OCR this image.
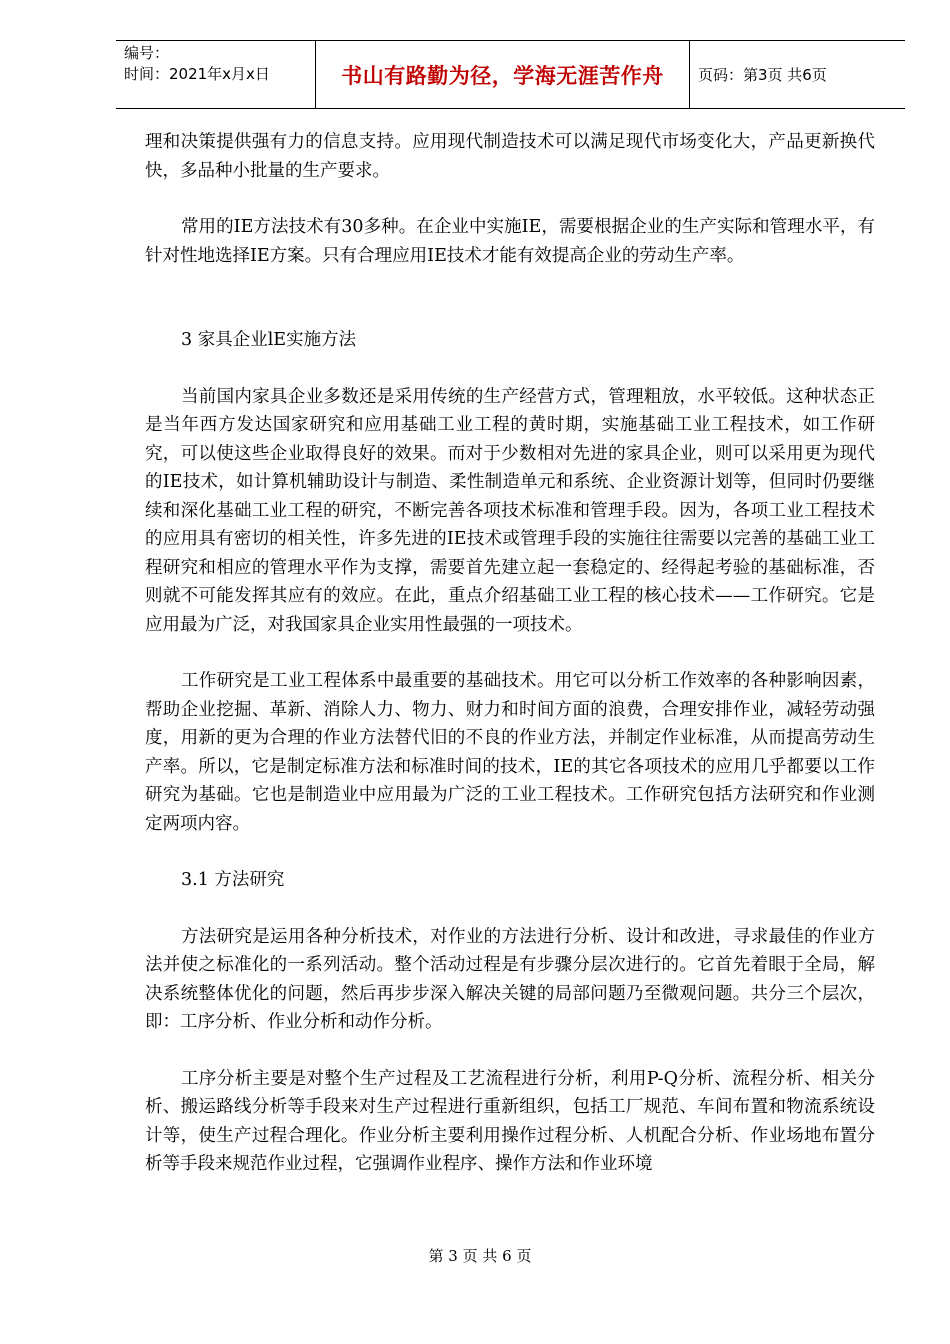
编号：
时间：2021年x月x日	书山有路勤为径，学海无涯苦作舟	页码：第3页 共6页

理和决策提供强有力的信息支持。应用现代制造技术可以满足现代市场变化大，产品更新换代快，多品种小批量的生产要求。

常用的IE方法技术有30多种。在企业中实施IE，需要根据企业的生产实际和管理水平，有针对性地选择IE方案。只有合理应用IE技术才能有效提高企业的劳动生产率。

3 家具企业lE实施方法

当前国内家具企业多数还是采用传统的生产经营方式，管理粗放，水平较低。这种状态正是当年西方发达国家研究和应用基础工业工程的黄时期，实施基础工业工程技术，如工作研究，可以使这些企业取得良好的效果。而对于少数相对先进的家具企业，则可以采用更为现代的IE技术，如计算机辅助设计与制造、柔性制造单元和系统、企业资源计划等，但同时仍要继续和深化基础工业工程的研究，不断完善各项技术标准和管理手段。因为，各项工业工程技术的应用具有密切的相关性，许多先进的IE技术或管理手段的实施往往需要以完善的基础工业工程研究和相应的管理水平作为支撑，需要首先建立起一套稳定的、经得起考验的基础标准，否则就不可能发挥其应有的效应。在此，重点介绍基础工业工程的核心技术——工作研究。它是应用最为广泛，对我国家具企业实用性最强的一项技术。

工作研究是工业工程体系中最重要的基础技术。用它可以分析工作效率的各种影响因素，帮助企业挖掘、革新、消除人力、物力、财力和时间方面的浪费，合理安排作业，减轻劳动强度，用新的更为合理的作业方法替代旧的不良的作业方法，并制定作业标准，从而提高劳动生产率。所以，它是制定标准方法和标准时间的技术，IE的其它各项技术的应用几乎都要以工作研究为基础。它也是制造业中应用最为广泛的工业工程技术。工作研究包括方法研究和作业测定两项内容。

3.1 方法研究

方法研究是运用各种分析技术，对作业的方法进行分析、设计和改进，寻求最佳的作业方法并使之标准化的一系列活动。整个活动过程是有步骤分层次进行的。它首先着眼于全局，解决系统整体优化的问题，然后再步步深入解决关键的局部问题乃至微观问题。共分三个层次，即：工序分析、作业分析和动作分析。

工序分析主要是对整个生产过程及工艺流程进行分析，利用P-Q分析、流程分析、相关分析、搬运路线分析等手段来对生产过程进行重新组织，包括工厂规范、车间布置和物流系统设计等，使生产过程合理化。作业分析主要利用操作过程分析、人机配合分析、作业场地布置分析等手段来规范作业过程，它强调作业程序、操作方法和作业环境

第 3 页 共 6 页
